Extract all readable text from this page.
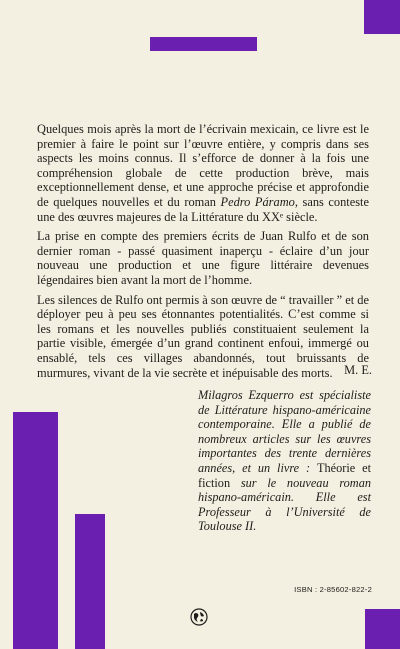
Quelques mois après la mort de l’écrivain mexicain, ce livre est le premier à faire le point sur l’œuvre entière, y compris dans ses aspects les moins connus. Il s’efforce de donner à la fois une compréhension globale de cette production brève, mais exceptionnellement dense, et une approche précise et approfondie de quelques nouvelles et du roman Pedro Páramo, sans conteste une des œuvres majeures de la Littérature du XXᵉ siècle.

La prise en compte des premiers écrits de Juan Rulfo et de son dernier roman - passé quasiment inaperçu - éclaire d’un jour nouveau une production et une figure littéraire devenues légendaires bien avant la mort de l’homme.

Les silences de Rulfo ont permis à son œuvre de “ travailler ” et de déployer peu à peu ses étonnantes potentialités. C’est comme si les romans et les nouvelles publiés constituaient seulement la partie visible, émergée d’un grand continent enfoui, immergé ou ensablé, tels ces villages abandonnés, tout bruissants de murmures, vivant de la vie secrète et inépuisable des morts. M. E.
Milagros Ezquerro est spécialiste de Littérature hispano-américaine contemporaine. Elle a publié de nombreux articles sur les œuvres importantes des trente dernières années, et un livre : Théorie et fiction sur le nouveau roman hispano-américain. Elle est Professeur à l’Université de Toulouse II.
ISBN : 2-85602-822-2
